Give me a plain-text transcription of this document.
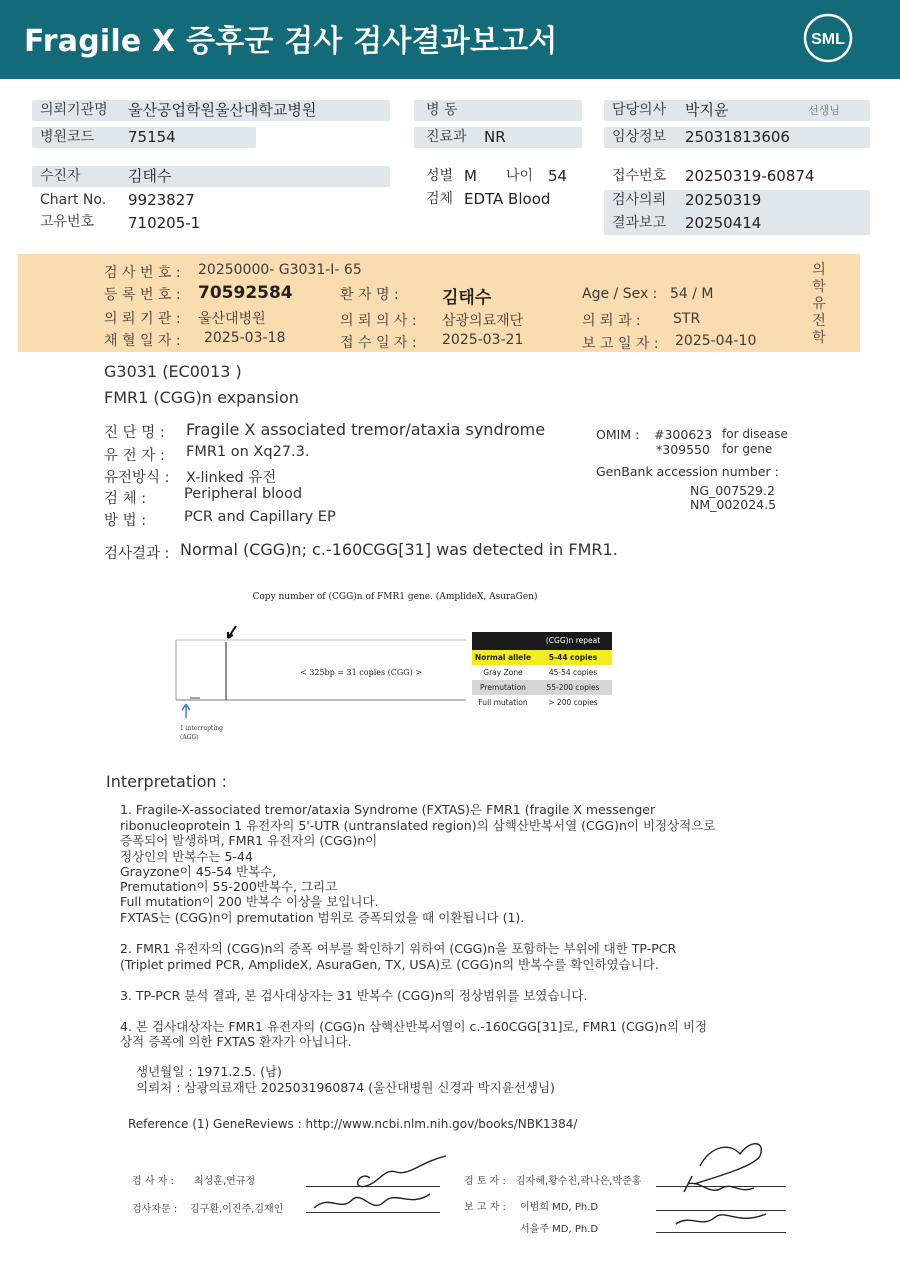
Fragile X 증후군 검사 검사결과보고서	SML
의뢰기관명 울산공업학원울산대학교병원
병원코드 75154
병 동
진료과 NR
담당의사 박지윤	선생님
임상정보 25031813606
수진자	김태수
Chart No. 9923827
고유번호 710205-1
성별 M	나이 54
검체 EDTA Blood
접수번호 20250319-60874
검사의뢰 20250319
결과보고 20250414
검 사 번 호 : 20250000- G3031-I- 65
등 록 번 호 : 70592584	환 자 명 :	김태수	Age / Sex : 54 / M
의 뢰 기 관 : 울산대병원	의 뢰 의 사 : 삼광의료재단	의 뢰 과 : STR
채 혈 일 자 : 2025-03-18	접 수 일 자 : 2025-03-21	보 고 일 자 : 2025-04-10
의
학
유
전
학
G3031 (EC0013 )
FMR1 (CGG)n expansion
진 단 명 : Fragile X associated tremor/ataxia syndrome
유 전 자 : FMR1 on Xq27.3.
유전방식 : X-linked 유전
검 체 :	Peripheral blood
방 법 :	PCR and Capillary EP
OMIM : #300623 for disease
*309550 for gene
GenBank accession number :
NG_007529.2
NM_002024.5
검사결과 : Normal (CGG)n; c.-160CGG[31] was detected in FMR1.
Copy number of (CGG)n of FMR1 gene. (AmplideX, AsuraGen)
1 interrupting
(AGG)
< 325bp = 31 copies (CGG) >
(CGG)n repeat
Normal allele	5-44 copies
Gray Zone	45-54 copies
Premutation	55-200 copies
Full mutation	> 200 copies
Interpretation :
1. Fragile-X-associated tremor/ataxia Syndrome (FXTAS)은 FMR1 (fragile X messenger
ribonucleoprotein 1 유전자의 5'-UTR (untranslated region)의 삼핵산반복서열 (CGG)n이 비정상적으로
증폭되어 발생하며, FMR1 유전자의 (CGG)n이
정상인의 반복수는 5-44
Grayzone이 45-54 반복수,
Premutation이 55-200반복수, 그리고
Full mutation이 200 반복수 이상을 보입니다.
FXTAS는 (CGG)n이 premutation 범위로 증폭되었을 때 이환됩니다 (1).
2. FMR1 유전자의 (CGG)n의 증폭 여부를 확인하기 위하여 (CGG)n을 포함하는 부위에 대한 TP-PCR
(Triplet primed PCR, AmplideX, AsuraGen, TX, USA)로 (CGG)n의 반복수를 확인하였습니다.
3. TP-PCR 분석 결과, 본 검사대상자는 31 반복수 (CGG)n의 정상범위를 보였습니다.
4. 본 검사대상자는 FMR1 유전자의 (CGG)n 삼핵산반복서열이 c.-160CGG[31]로, FMR1 (CGG)n의 비정
상적 증폭에 의한 FXTAS 환자가 아닙니다.
생년월일 : 1971.2.5. (남)
의뢰처 : 삼광의료재단 2025031960874 (울산대병원 신경과 박지윤선생님)
Reference (1) GeneReviews : http://www.ncbi.nlm.nih.gov/books/NBK1384/
검 사 자 : 최성훈,연규정
검사자문 : 김구환,이진주,김재인
검 토 자 : 김자혜,황수진,곽나은,박준홍
보 고 자 : 이범희 MD, Ph.D
서을주 MD, Ph.D
